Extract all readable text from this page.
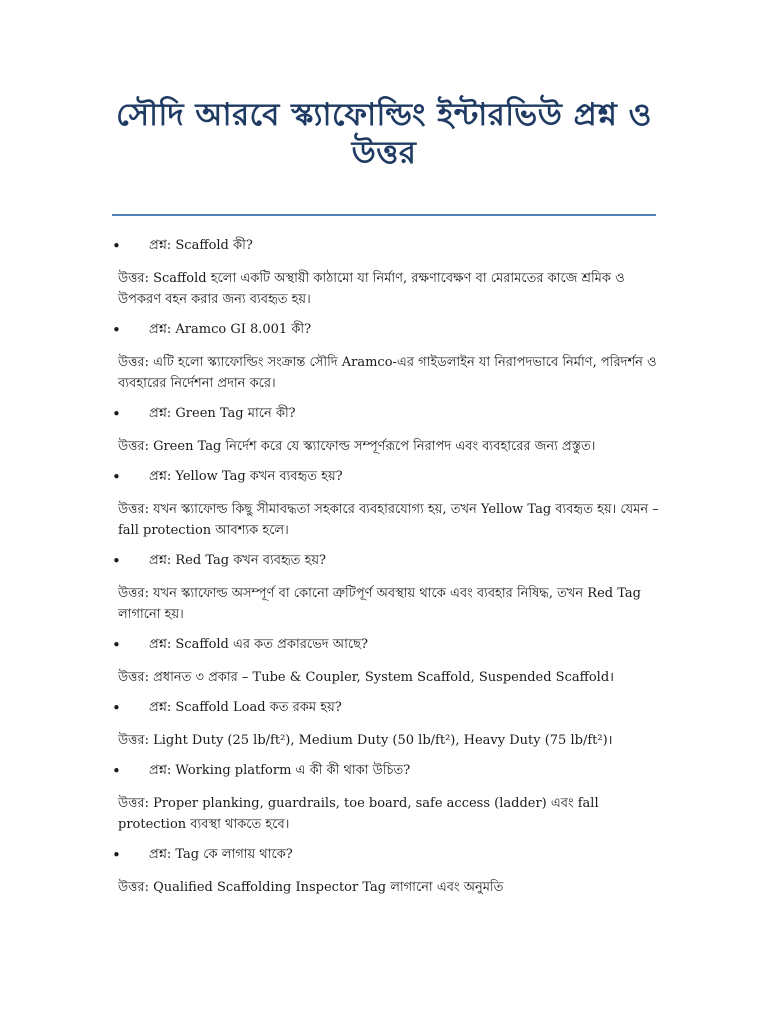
সৌদি আরবে স্ক্যাফোল্ডিং ইন্টারভিউ প্রশ্ন ও উত্তর
• প্রশ্ন: Scaffold কী?
উত্তর: Scaffold হলো একটি অস্থায়ী কাঠামো যা নির্মাণ, রক্ষণাবেক্ষণ বা মেরামতের কাজে শ্রমিক ও উপকরণ বহন করার জন্য ব্যবহৃত হয়।
• প্রশ্ন: Aramco GI 8.001 কী?
উত্তর: এটি হলো স্ক্যাফোল্ডিং সংক্রান্ত সৌদি Aramco-এর গাইডলাইন যা নিরাপদভাবে নির্মাণ, পরিদর্শন ও ব্যবহারের নির্দেশনা প্রদান করে।
• প্রশ্ন: Green Tag মানে কী?
উত্তর: Green Tag নির্দেশ করে যে স্ক্যাফোল্ড সম্পূর্ণরূপে নিরাপদ এবং ব্যবহারের জন্য প্রস্তুত।
• প্রশ্ন: Yellow Tag কখন ব্যবহৃত হয়?
উত্তর: যখন স্ক্যাফোল্ড কিছু সীমাবদ্ধতা সহকারে ব্যবহারযোগ্য হয়, তখন Yellow Tag ব্যবহৃত হয়। যেমন – fall protection আবশ্যক হলে।
• প্রশ্ন: Red Tag কখন ব্যবহৃত হয়?
উত্তর: যখন স্ক্যাফোল্ড অসম্পূর্ণ বা কোনো ত্রুটিপূর্ণ অবস্থায় থাকে এবং ব্যবহার নিষিদ্ধ, তখন Red Tag লাগানো হয়।
• প্রশ্ন: Scaffold এর কত প্রকারভেদ আছে?
উত্তর: প্রধানত ৩ প্রকার – Tube & Coupler, System Scaffold, Suspended Scaffold।
• প্রশ্ন: Scaffold Load কত রকম হয়?
উত্তর: Light Duty (25 lb/ft²), Medium Duty (50 lb/ft²), Heavy Duty (75 lb/ft²)।
• প্রশ্ন: Working platform এ কী কী থাকা উচিত?
উত্তর: Proper planking, guardrails, toe board, safe access (ladder) এবং fall protection ব্যবস্থা থাকতে হবে।
• প্রশ্ন: Tag কে লাগায় থাকে?
উত্তর: Qualified Scaffolding Inspector Tag লাগানো এবং অনুমতি
